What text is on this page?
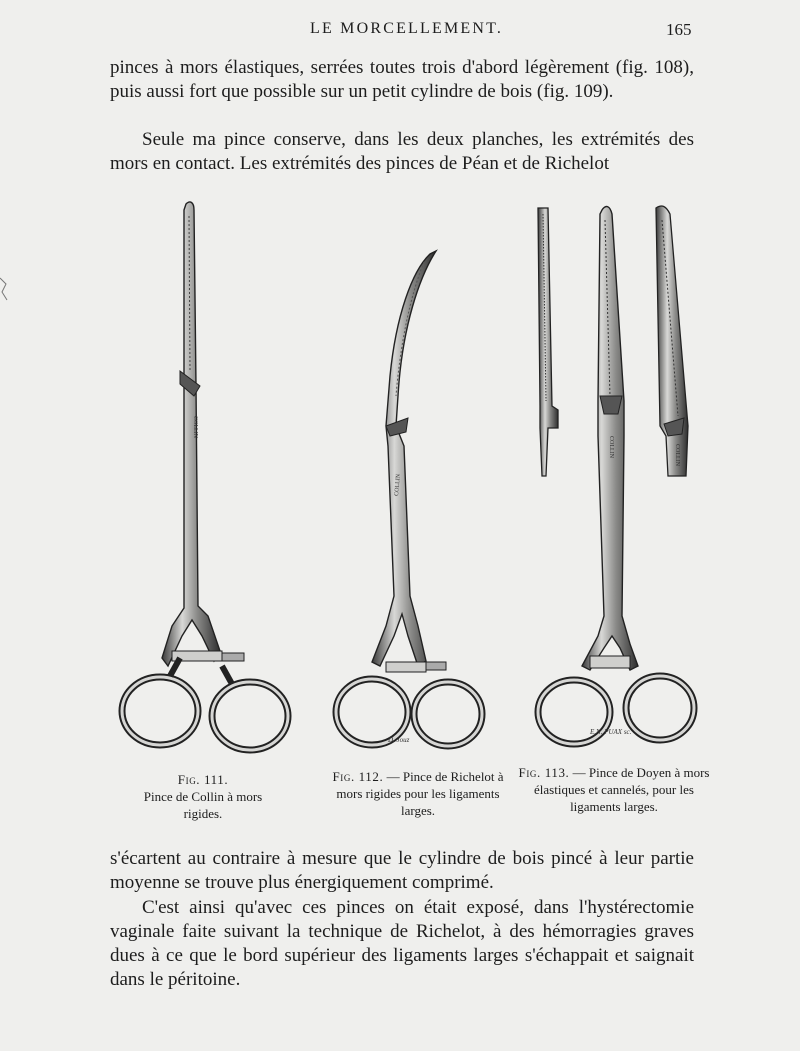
LE MORCELLEMENT.	165

pinces à mors élastiques, serrées toutes trois d'abord légèrement (fig. 108), puis aussi fort que possible sur un petit cylindre de bois (fig. 109).

Seule ma pince conserve, dans les deux planches, les extrémités des mors en contact. Les extrémités des pinces de Péan et de Richelot

COLLIN
COLLIN
D. Jouz
COLLIN
E.N. PUAX sc.
COLLIN
Fig. 111.
Pince de Collin à mors rigides.
Fig. 112. — Pince de Richelot à mors rigides pour les ligaments larges.
Fig. 113. — Pince de Doyen à mors élastiques et cannelés, pour les ligaments larges.

s'écartent au contraire à mesure que le cylindre de bois pincé à leur partie moyenne se trouve plus énergiquement comprimé.

C'est ainsi qu'avec ces pinces on était exposé, dans l'hystérectomie vaginale faite suivant la technique de Richelot, à des hémorragies graves dues à ce que le bord supérieur des ligaments larges s'échappait et saignait dans le péritoine.
